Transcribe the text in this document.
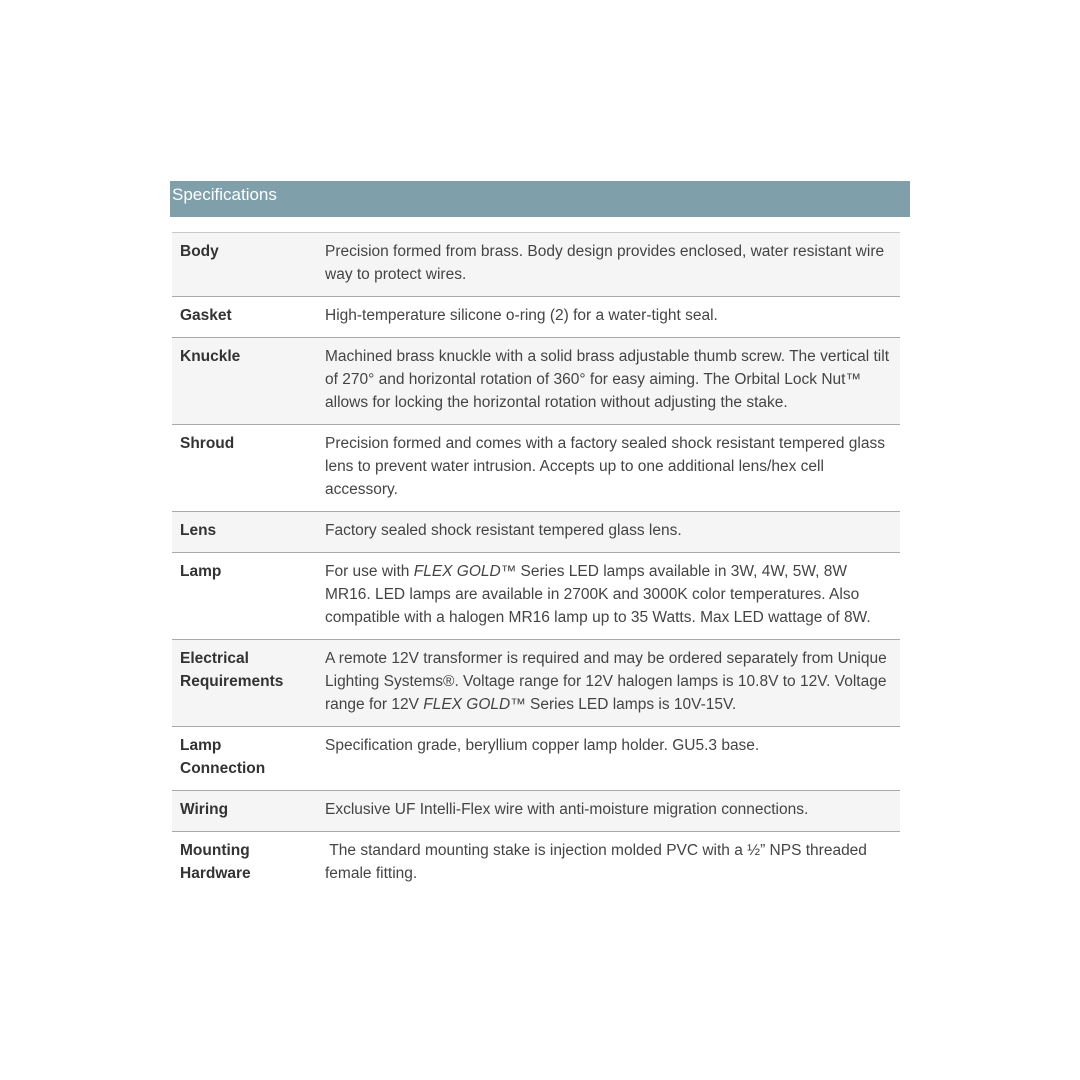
Specifications
Body	Precision formed from brass. Body design provides enclosed, water resistant wire way to protect wires.
Gasket	High-temperature silicone o-ring (2) for a water-tight seal.
Knuckle	Machined brass knuckle with a solid brass adjustable thumb screw. The vertical tilt of 270° and horizontal rotation of 360° for easy aiming. The Orbital Lock Nut™ allows for locking the horizontal rotation without adjusting the stake.
Shroud	Precision formed and comes with a factory sealed shock resistant tempered glass lens to prevent water intrusion. Accepts up to one additional lens/hex cell accessory.
Lens	Factory sealed shock resistant tempered glass lens.
Lamp	For use with FLEX GOLD™ Series LED lamps available in 3W, 4W, 5W, 8W MR16. LED lamps are available in 2700K and 3000K color temperatures. Also compatible with a halogen MR16 lamp up to 35 Watts. Max LED wattage of 8W.
Electrical Requirements	A remote 12V transformer is required and may be ordered separately from Unique Lighting Systems®. Voltage range for 12V halogen lamps is 10.8V to 12V. Voltage range for 12V FLEX GOLD™ Series LED lamps is 10V-15V.
Lamp Connection	Specification grade, beryllium copper lamp holder. GU5.3 base.
Wiring	Exclusive UF Intelli-Flex wire with anti-moisture migration connections.
Mounting Hardware	The standard mounting stake is injection molded PVC with a ½” NPS threaded female fitting.
